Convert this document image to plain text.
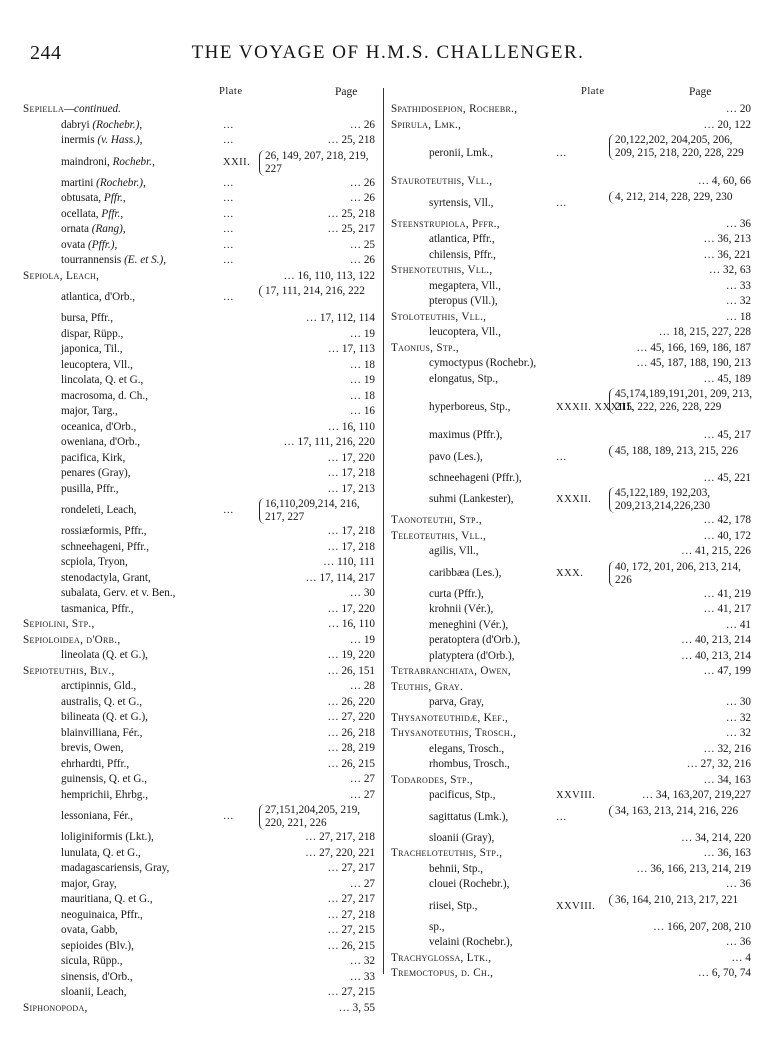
244	THE VOYAGE OF H.M.S. CHALLENGER.
Plate	Page
Sepiella—continued.
dabryi (Rochebr.),	…	… 26
inermis (v. Hass.),	…	… 25, 218
maindroni, Rochebr.,	XXII.
26, 149, 207, 218, 219, 227
martini (Rochebr.),	…	… 26
obtusata, Pffr.,	…	… 26
ocellata, Pffr.,	…	… 25, 218
ornata (Rang),	…	… 25, 217
ovata (Pffr.),	…	… 25
tourrannensis (E. et S.),	…	… 26
Sepiola, Leach,	… 16, 110, 113, 122
atlantica, d'Orb.,	…
17, 111, 214, 216, 222
bursa, Pffr.,	… 17, 112, 114
dispar, Rüpp.,	… 19
japonica, Til.,	… 17, 113
leucoptera, Vll.,	… 18
lincolata, Q. et G.,	… 19
macrosoma, d. Ch.,	… 18
major, Targ.,	… 16
oceanica, d'Orb.,	… 16, 110
oweniana, d'Orb.,	… 17, 111, 216, 220
pacifica, Kirk,	… 17, 220
penares (Gray),	… 17, 218
pusilla, Pffr.,	… 17, 213
rondeleti, Leach,	…
16,110,209,214, 216, 217, 227
rossiæformis, Pffr.,	… 17, 218
schneehageni, Pffr.,	… 17, 218
scpiola, Tryon,	… 110, 111
stenodactyla, Grant,	… 17, 114, 217
subalata, Gerv. et v. Ben.,	… 30
tasmanica, Pffr.,	… 17, 220
Sepiolini, Stp.,	… 16, 110
Sepioloidea, d'Orb.,	… 19
lineolata (Q. et G.),	… 19, 220
Sepioteuthis, Blv.,	… 26, 151
arctipinnis, Gld.,	… 28
australis, Q. et G.,	… 26, 220
bilineata (Q. et G.),	… 27, 220
blainvilliana, Fér.,	… 26, 218
brevis, Owen,	… 28, 219
ehrhardti, Pffr.,	… 26, 215
guinensis, Q. et G.,	… 27
hemprichii, Ehrbg.,	… 27
lessoniana, Fér.,	…
27,151,204,205, 219, 220, 221, 226
loliginiformis (Lkt.),	… 27, 217, 218
lunulata, Q. et G.,	… 27, 220, 221
madagascariensis, Gray,	… 27, 217
major, Gray,	… 27
mauritiana, Q. et G.,	… 27, 217
neoguinaica, Pffr.,	… 27, 218
ovata, Gabb,	… 27, 215
sepioides (Blv.),	… 26, 215
sicula, Rüpp.,	… 32
sinensis, d'Orb.,	… 33
sloanii, Leach,	… 27, 215
Siphonopoda,	… 3, 55
Plate	Page
Spathidosepion, Rochebr.,	… 20
Spirula, Lmk.,	… 20, 122
peronii, Lmk.,	…
20,122,202, 204,205, 206, 209, 215, 218, 220, 228, 229
Stauroteuthis, Vll.,	… 4, 60, 66
syrtensis, Vll.,	…
4, 212, 214, 228, 229, 230
Steenstrupiola, Pffr.,	… 36
atlantica, Pffr.,	… 36, 213
chilensis, Pffr.,	… 36, 221
Sthenoteuthis, Vll.,	… 32, 63
megaptera, Vll.,	… 33
pteropus (Vll.),	… 32
Stoloteuthis, Vll.,	… 18
leucoptera, Vll.,	… 18, 215, 227, 228
Taonius, Stp.,	… 45, 166, 169, 186, 187
cymoctypus (Rochebr.),	… 45, 187, 188, 190, 213
elongatus, Stp.,	… 45, 189
hyperboreus, Stp.,	XXXII. XXXIII.
45,174,189,191,201, 209, 213, 215, 222, 226, 228, 229
maximus (Pffr.),	… 45, 217
pavo (Les.),	…
45, 188, 189, 213, 215, 226
schneehageni (Pffr.),	… 45, 221
suhmi (Lankester),	XXXII.
45,122,189, 192,203, 209,213,214,226,230
Taonoteuthi, Stp.,	… 42, 178
Teleoteuthis, Vll.,	… 40, 172
agilis, Vll.,	… 41, 215, 226
caribbæa (Les.),	XXX.
40, 172, 201, 206, 213, 214, 226
curta (Pffr.),	… 41, 219
krohnii (Vér.),	… 41, 217
meneghini (Vér.),	… 41
peratoptera (d'Orb.),	… 40, 213, 214
platyptera (d'Orb.),	… 40, 213, 214
Tetrabranchiata, Owen,	… 47, 199
Teuthis, Gray.
parva, Gray,	… 30
Thysanoteuthidæ, Kef.,	… 32
Thysanoteuthis, Trosch.,	… 32
elegans, Trosch.,	… 32, 216
rhombus, Trosch.,	… 27, 32, 216
Todarodes, Stp.,	… 34, 163
pacificus, Stp.,	XXVIII.	… 34, 163,207, 219,227
sagittatus (Lmk.),	…
34, 163, 213, 214, 216, 226
sloanii (Gray),	… 34, 214, 220
Tracheloteuthis, Stp.,	… 36, 163
behnii, Stp.,	… 36, 166, 213, 214, 219
clouei (Rochebr.),	… 36
riisei, Stp.,	XXVIII.
36, 164, 210, 213, 217, 221
sp.,	… 166, 207, 208, 210
velaini (Rochebr.),	… 36
Trachyglossa, Ltk.,	… 4
Tremoctopus, d. Ch.,	… 6, 70, 74
